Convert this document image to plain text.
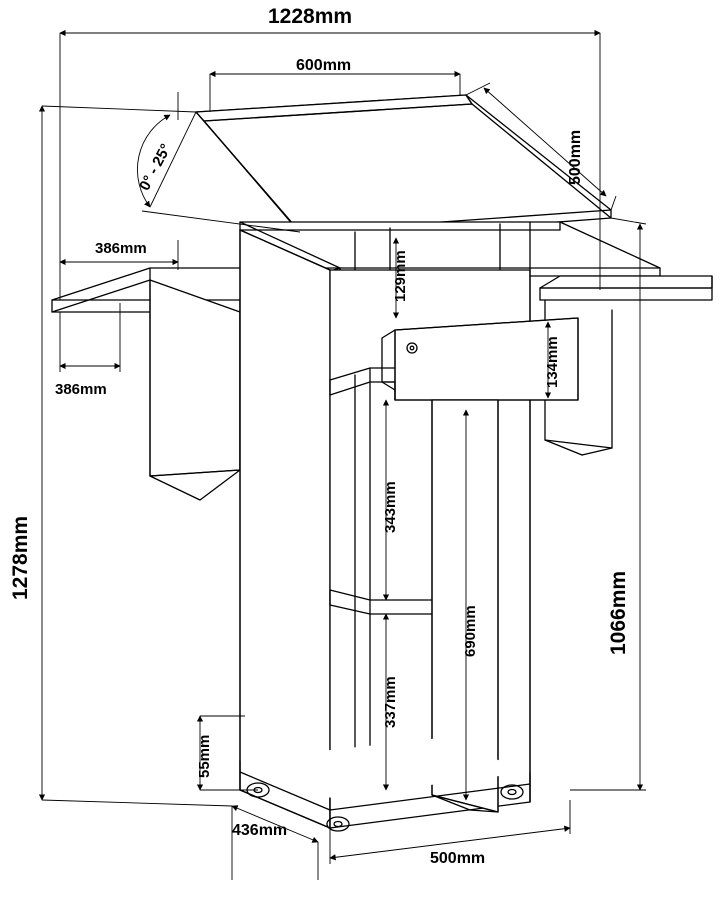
1228mm
600mm
500mm
0° - 25°
386mm
386mm
129mm
134mm
343mm
337mm
690mm
55mm
436mm
500mm
1278mm
1066mm
